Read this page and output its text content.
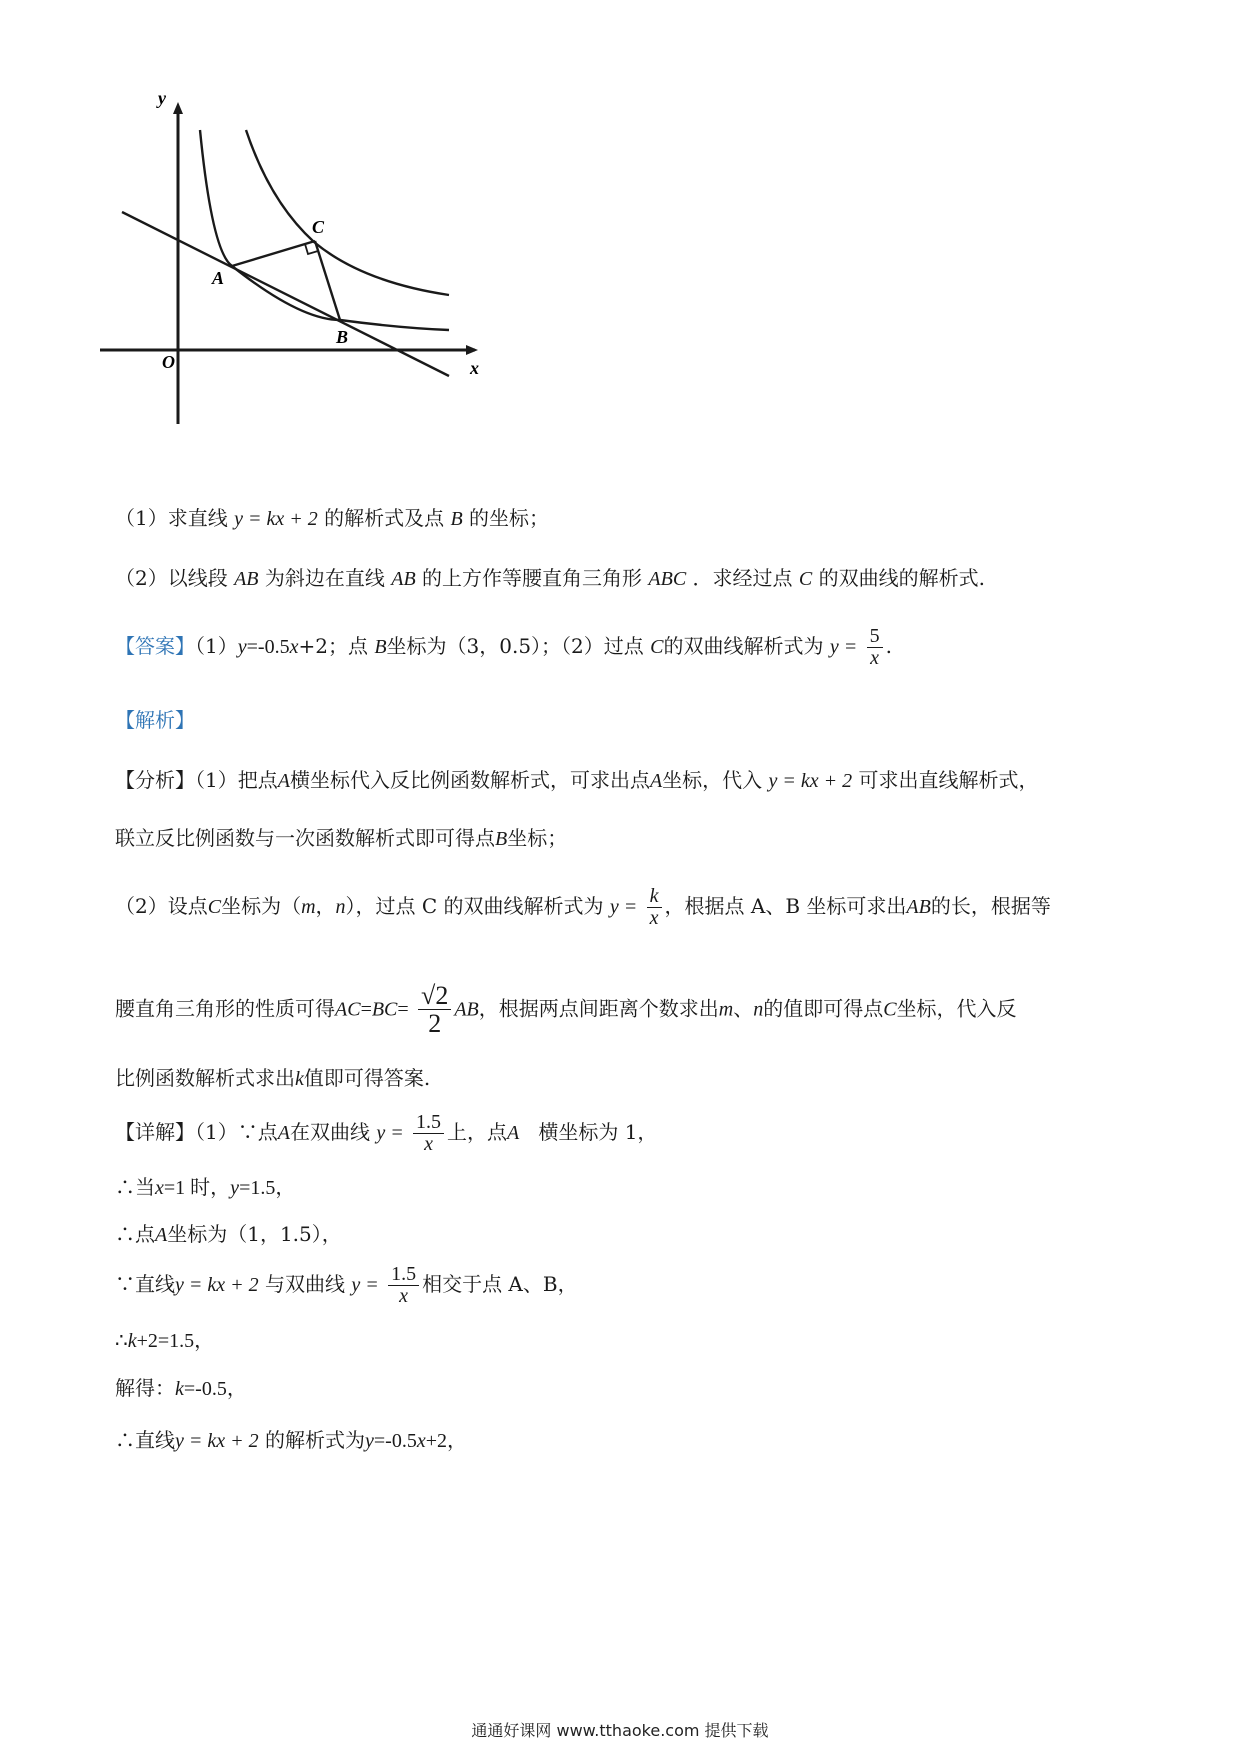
y
x
O
A
B
C
（1）求直线 y = kx + 2 的解析式及点 B 的坐标；
（2）以线段 AB 为斜边在直线 AB 的上方作等腰直角三角形 ABC ．求经过点 C 的双曲线的解析式.
【答案】（1）y=-0.5x+2；点 B坐标为（3，0.5）；（2）过点 C的双曲线解析式为 $y = \frac{5}{x}$ .
【解析】
【分析】（1）把点A横坐标代入反比例函数解析式，可求出点A坐标，代入 y = kx + 2 可求出直线解析式，
联立反比例函数与一次函数解析式即可得点B坐标；
（2）设点C坐标为（m，n），过点 C 的双曲线解析式为 $y = \frac{k}{x}$ ，根据点 A、B 坐标可求出AB的长，根据等
腰直角三角形的性质可得$AC=BC= \frac{√2}{2}$ AB，根据两点间距离个数求出m、n的值即可得点C坐标，代入反
比例函数解析式求出k值即可得答案.
【详解】（1）∵点A在双曲线 $y = \frac{1.5}{x}$ 上，点A 横坐标为 1，
∴当x=1 时，y=1.5，
∴点A坐标为（1，1.5），
∵直线y = kx + 2 与双曲线 $y = \frac{1.5}{x}$ 相交于点 A、B，
∴k+2=1.5，
解得：k=-0.5，
∴直线y = kx + 2 的解析式为y=-0.5x+2，
通通好课网 www.tthaoke.com 提供下载
